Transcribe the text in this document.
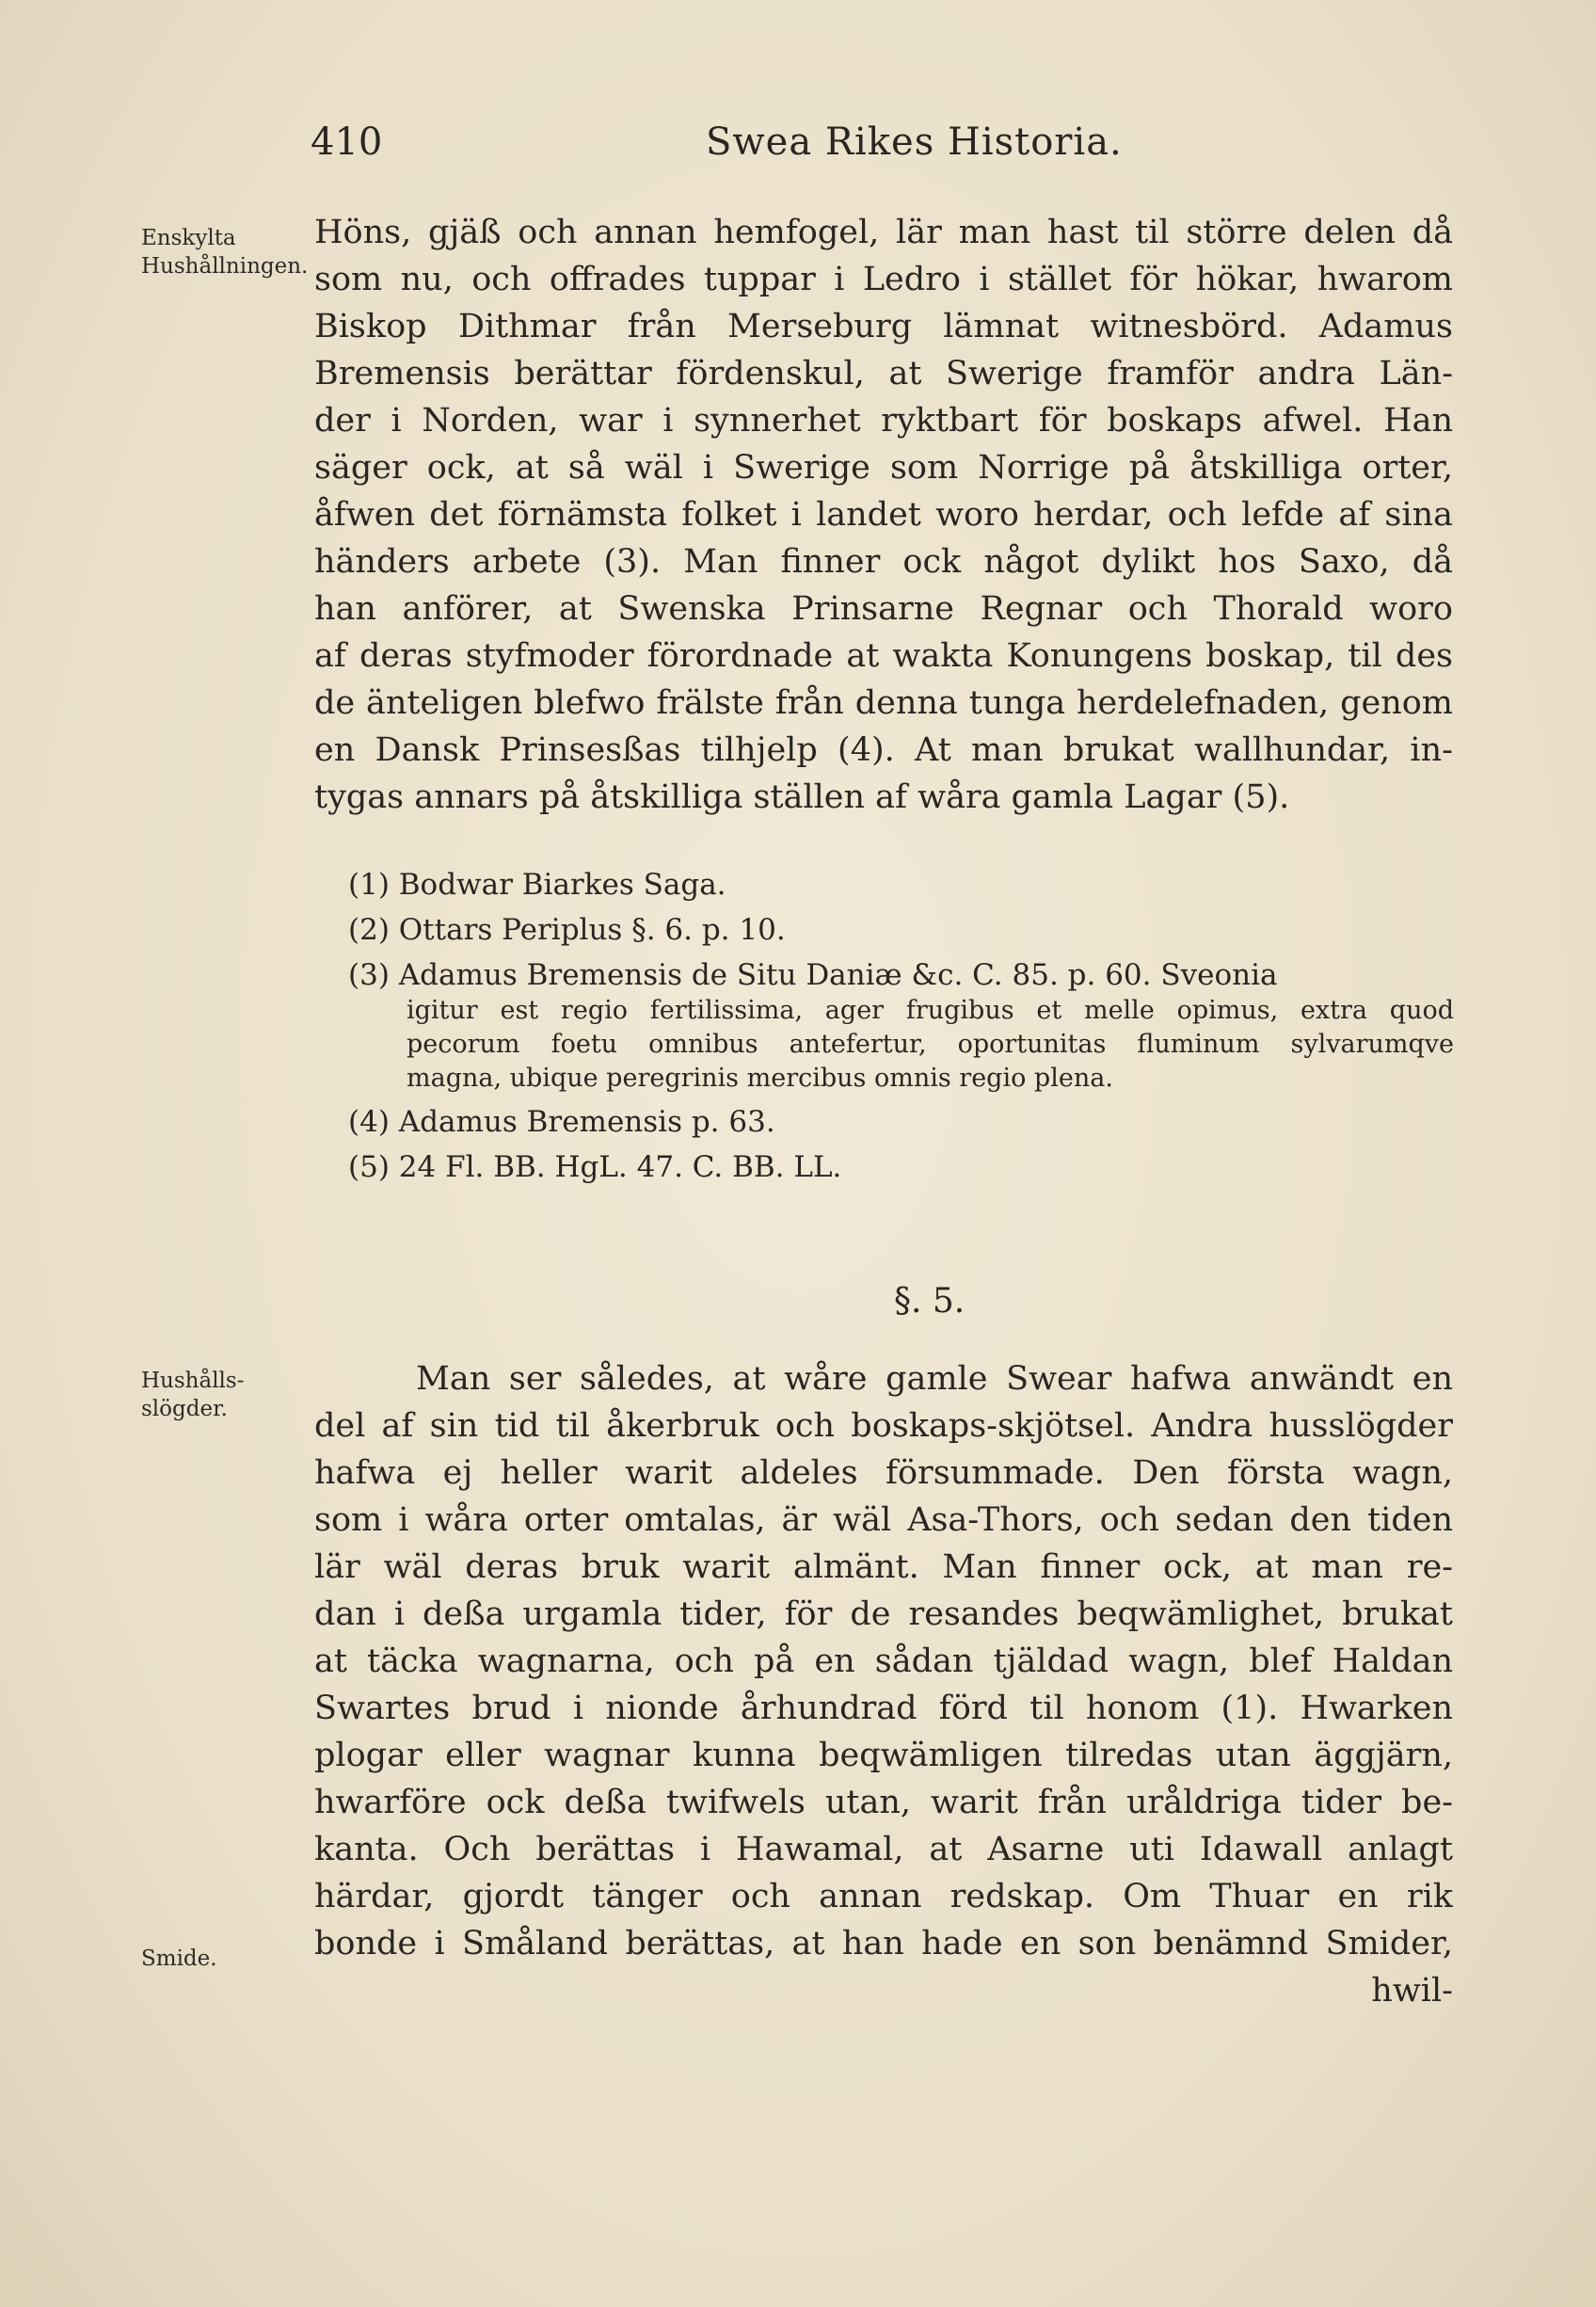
410	Swea Rikes Historia.
Enskylta Hushållningen.
Hushålls-slögder.
Smide.
Höns, gjäß och annan hemfogel, lär man hast til större delen då
som nu, och offrades tuppar i Ledro i stället för hökar, hwarom
Biskop Dithmar från Merseburg lämnat witnesbörd. Adamus
Bremensis berättar fördenskul, at Swerige framför andra Län-
der i Norden, war i synnerhet ryktbart för boskaps afwel. Han
säger ock, at så wäl i Swerige som Norrige på åtskilliga orter,
åfwen det förnämsta folket i landet woro herdar, och lefde af sina
händers arbete (3). Man finner ock något dylikt hos Saxo, då
han anförer, at Swenska Prinsarne Regnar och Thorald woro
af deras styfmoder förordnade at wakta Konungens boskap, til des
de änteligen blefwo frälste från denna tunga herdelefnaden, genom
en Dansk Prinsesßas tilhjelp (4). At man brukat wallhundar, in-
tygas annars på åtskilliga ställen af wåra gamla Lagar (5).
(1) Bodwar Biarkes Saga.
(2) Ottars Periplus §. 6. p. 10.
(3) Adamus Bremensis de Situ Daniæ &c. C. 85. p. 60. Sveonia
igitur est regio fertilissima, ager frugibus et melle opimus, extra quod
pecorum foetu omnibus antefertur, oportunitas fluminum sylvarumqve
magna, ubique peregrinis mercibus omnis regio plena.
(4) Adamus Bremensis p. 63.
(5) 24 Fl. BB. HgL. 47. C. BB. LL.
§. 5.
Man ser således, at wåre gamle Swear hafwa anwändt en
del af sin tid til åkerbruk och boskaps-skjötsel. Andra husslögder
hafwa ej heller warit aldeles försummade. Den första wagn,
som i wåra orter omtalas, är wäl Asa-Thors, och sedan den tiden
lär wäl deras bruk warit almänt. Man finner ock, at man re-
dan i deßa urgamla tider, för de resandes beqwämlighet, brukat
at täcka wagnarna, och på en sådan tjäldad wagn, blef Haldan
Swartes brud i nionde århundrad förd til honom (1). Hwarken
plogar eller wagnar kunna beqwämligen tilredas utan äggjärn,
hwarföre ock deßa twifwels utan, warit från uråldriga tider be-
kanta. Och berättas i Hawamal, at Asarne uti Idawall anlagt
härdar, gjordt tänger och annan redskap. Om Thuar en rik
bonde i Småland berättas, at han hade en son benämnd Smider,
hwil-
